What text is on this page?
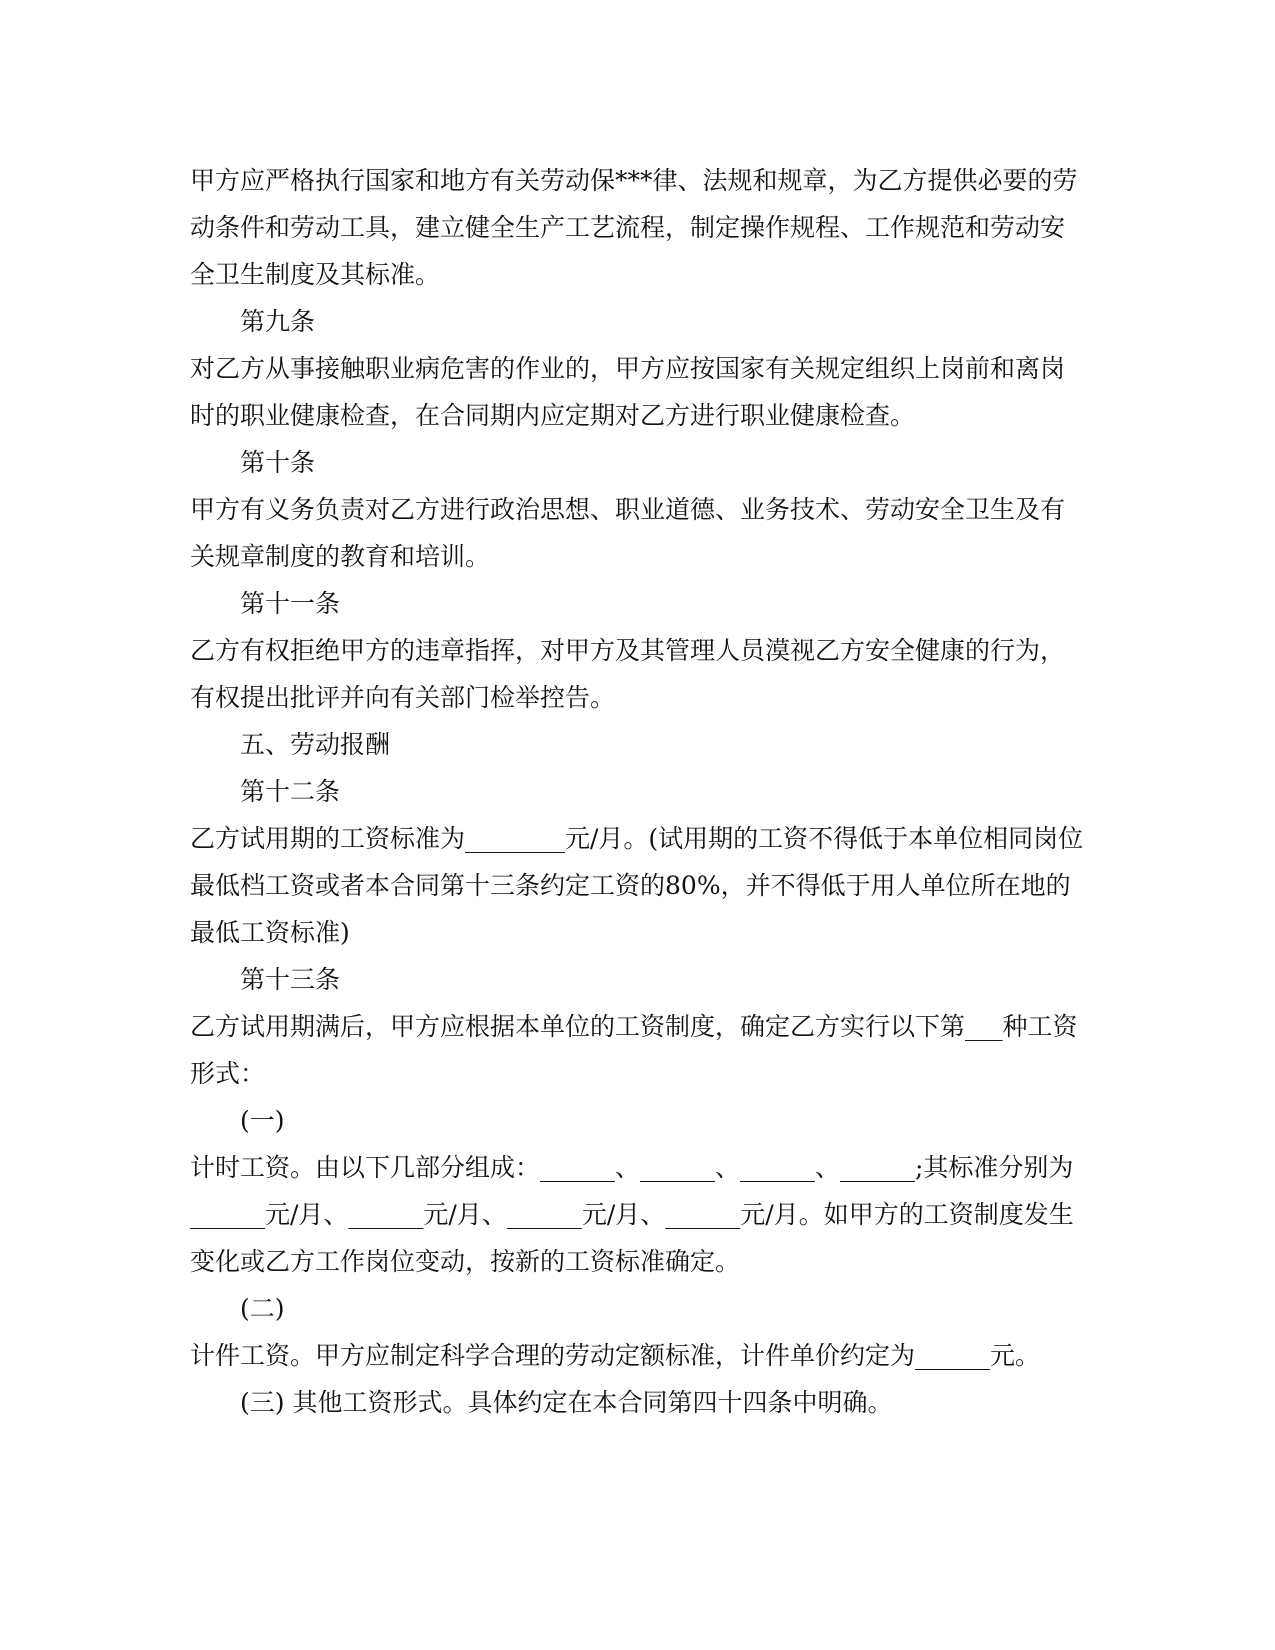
甲方应严格执行国家和地方有关劳动保***律、法规和规章，为乙方提供必要的劳动条件和劳动工具，建立健全生产工艺流程，制定操作规程、工作规范和劳动安全卫生制度及其标准。

第九条

对乙方从事接触职业病危害的作业的，甲方应按国家有关规定组织上岗前和离岗时的职业健康检查，在合同期内应定期对乙方进行职业健康检查。

第十条

甲方有义务负责对乙方进行政治思想、职业道德、业务技术、劳动安全卫生及有关规章制度的教育和培训。

第十一条

乙方有权拒绝甲方的违章指挥，对甲方及其管理人员漠视乙方安全健康的行为，有权提出批评并向有关部门检举控告。

五、劳动报酬

第十二条

乙方试用期的工资标准为________元/月。(试用期的工资不得低于本单位相同岗位最低档工资或者本合同第十三条约定工资的80%，并不得低于用人单位所在地的最低工资标准)

第十三条

乙方试用期满后，甲方应根据本单位的工资制度，确定乙方实行以下第___种工资形式：

(一)

计时工资。由以下几部分组成：______、______、______、______;其标准分别为______元/月、______元/月、______元/月、______元/月。如甲方的工资制度发生变化或乙方工作岗位变动，按新的工资标准确定。

(二)

计件工资。甲方应制定科学合理的劳动定额标准，计件单价约定为______元。

(三) 其他工资形式。具体约定在本合同第四十四条中明确。
